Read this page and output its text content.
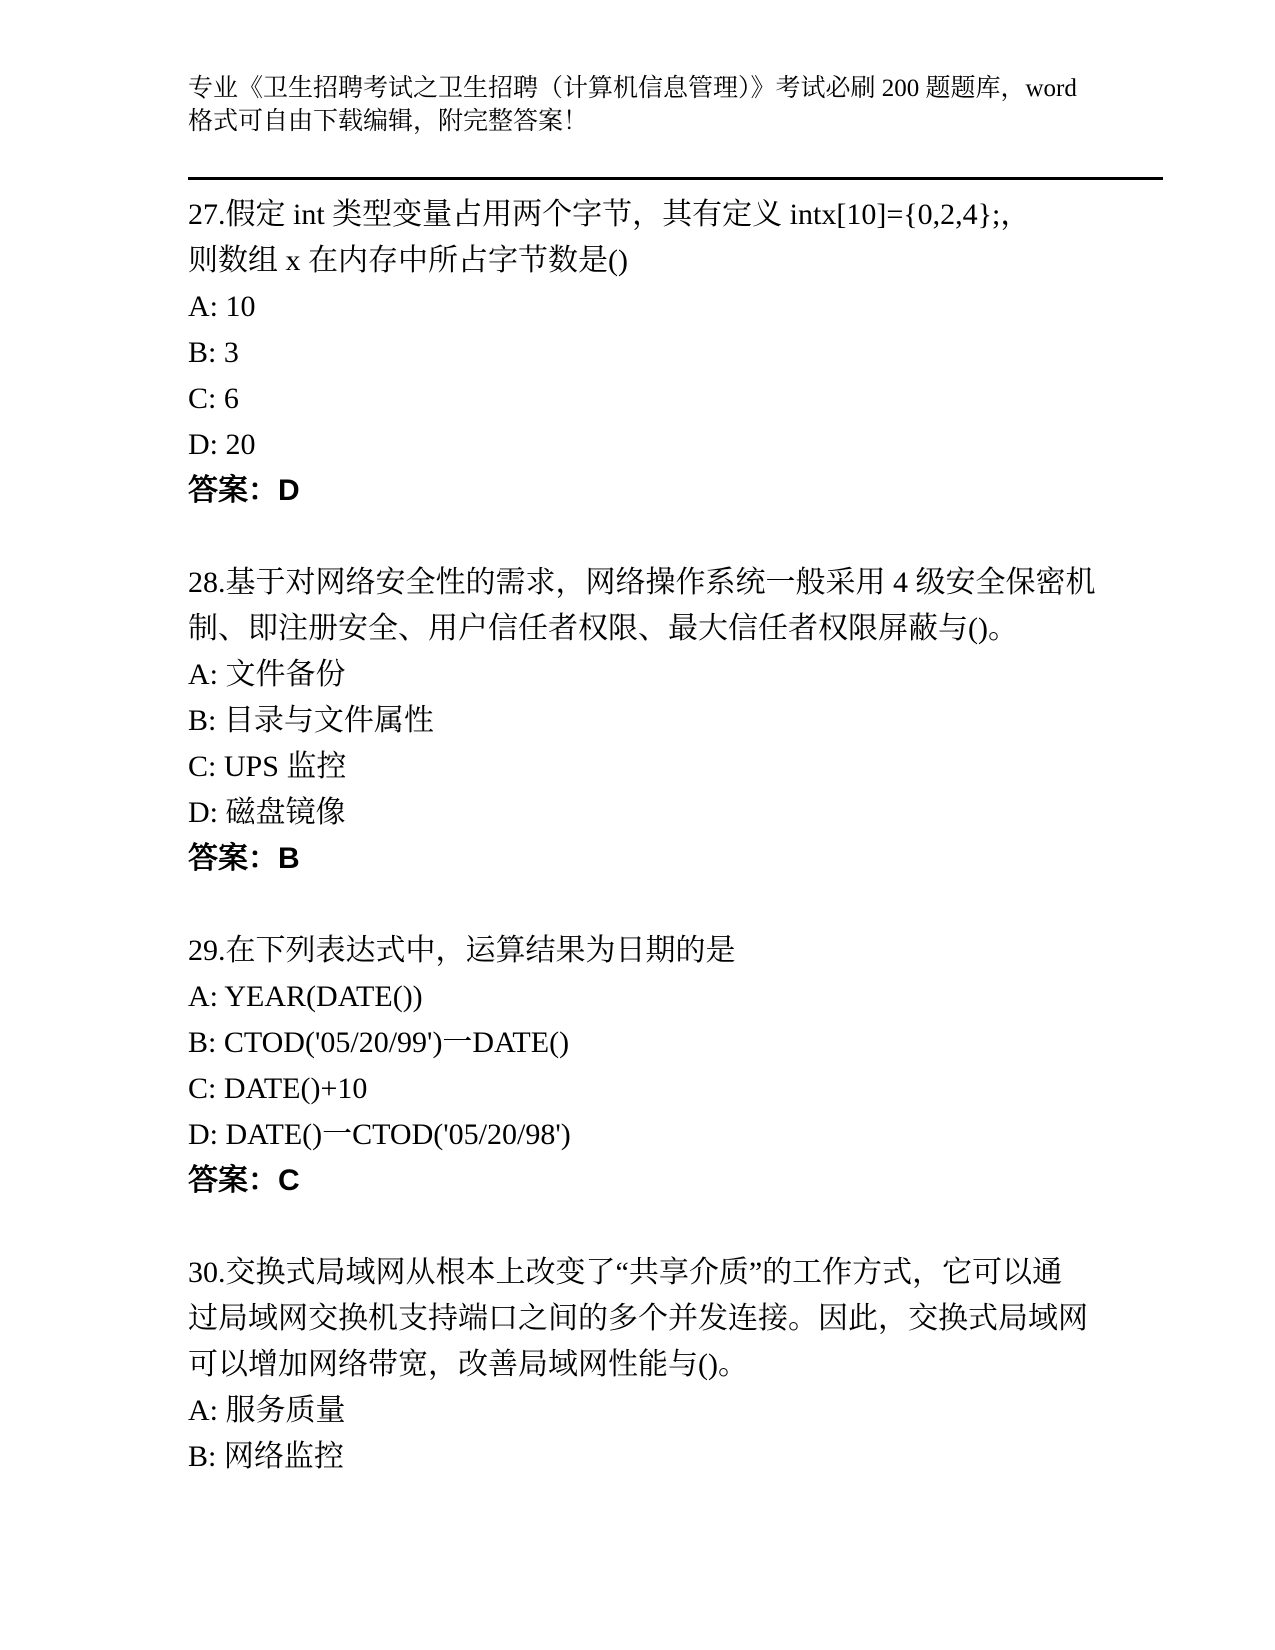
专业《卫生招聘考试之卫生招聘（计算机信息管理）》考试必刷 200 题题库，word
格式可自由下载编辑，附完整答案！
27.假定 int 类型变量占用两个字节，其有定义 intx[10]={0,2,4};，
则数组 x 在内存中所占字节数是()
A: 10
B: 3
C: 6
D: 20
答案：D
28.基于对网络安全性的需求，网络操作系统一般采用 4 级安全保密机
制、即注册安全、用户信任者权限、最大信任者权限屏蔽与()。
A: 文件备份
B: 目录与文件属性
C: UPS 监控
D: 磁盘镜像
答案：B
29.在下列表达式中，运算结果为日期的是
A: YEAR(DATE())
B: CTOD('05/20/99')一DATE()
C: DATE()+10
D: DATE()一CTOD('05/20/98')
答案：C
30.交换式局域网从根本上改变了“共享介质”的工作方式，它可以通
过局域网交换机支持端口之间的多个并发连接。因此，交换式局域网
可以增加网络带宽，改善局域网性能与()。
A: 服务质量
B: 网络监控
